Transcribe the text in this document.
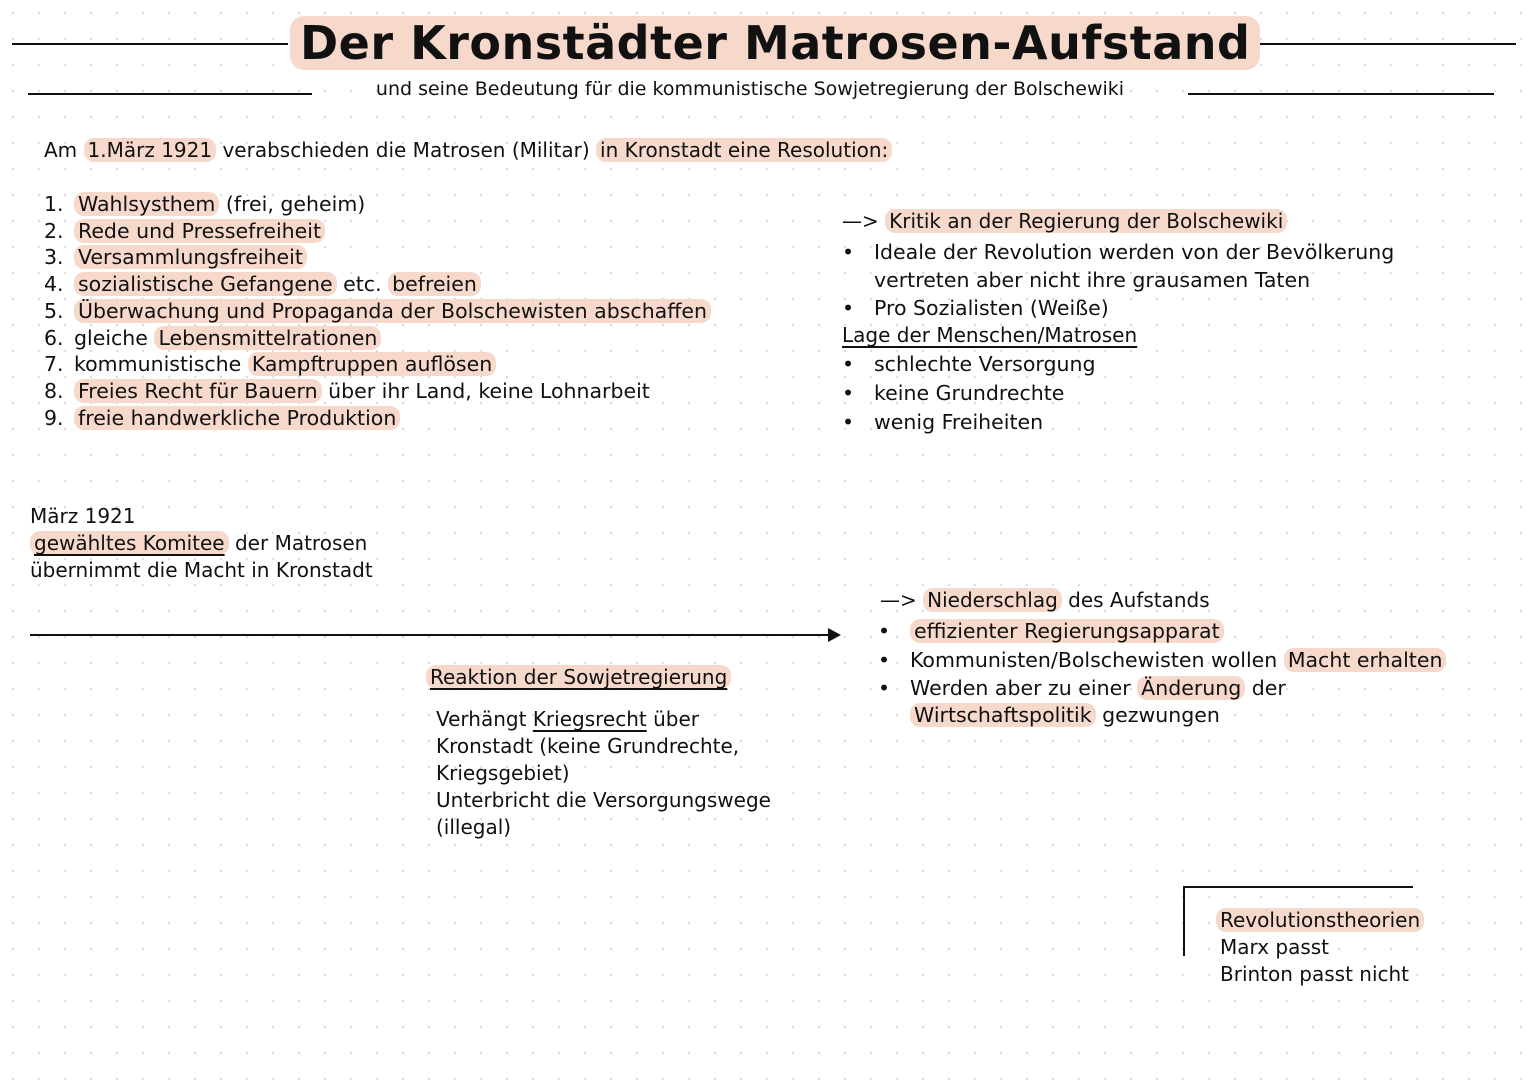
Der Kronstädter Matrosen-Aufstand
und seine Bedeutung für die kommunistische Sowjetregierung der Bolschewiki
Am 1.März 1921 verabschieden die Matrosen (Militar) in Kronstadt eine Resolution:
1. Wahlsysthem (frei, geheim)
2. Rede und Pressefreiheit
3. Versammlungsfreiheit
4. sozialistische Gefangene etc. befreien
5. Überwachung und Propaganda der Bolschewisten abschaffen
6. gleiche Lebensmittelrationen
7. kommunistische Kampftruppen auflösen
8. Freies Recht für Bauern über ihr Land, keine Lohnarbeit
9. freie handwerkliche Produktion
—> Kritik an der Regierung der Bolschewiki
• Ideale der Revolution werden von der Bevölkerung
vertreten aber nicht ihre grausamen Taten
• Pro Sozialisten (Weiße)
Lage der Menschen/Matrosen
• schlechte Versorgung
• keine Grundrechte
• wenig Freiheiten
März 1921
gewähltes Komitee der Matrosen
übernimmt die Macht in Kronstadt
Reaktion der Sowjetregierung
Verhängt Kriegsrecht über
Kronstadt (keine Grundrechte,
Kriegsgebiet)
Unterbricht die Versorgungswege
(illegal)
—> Niederschlag des Aufstands
• effizienter Regierungsapparat
• Kommunisten/Bolschewisten wollen Macht erhalten
• Werden aber zu einer Änderung der
Wirtschaftspolitik gezwungen
Revolutionstheorien
Marx passt
Brinton passt nicht
